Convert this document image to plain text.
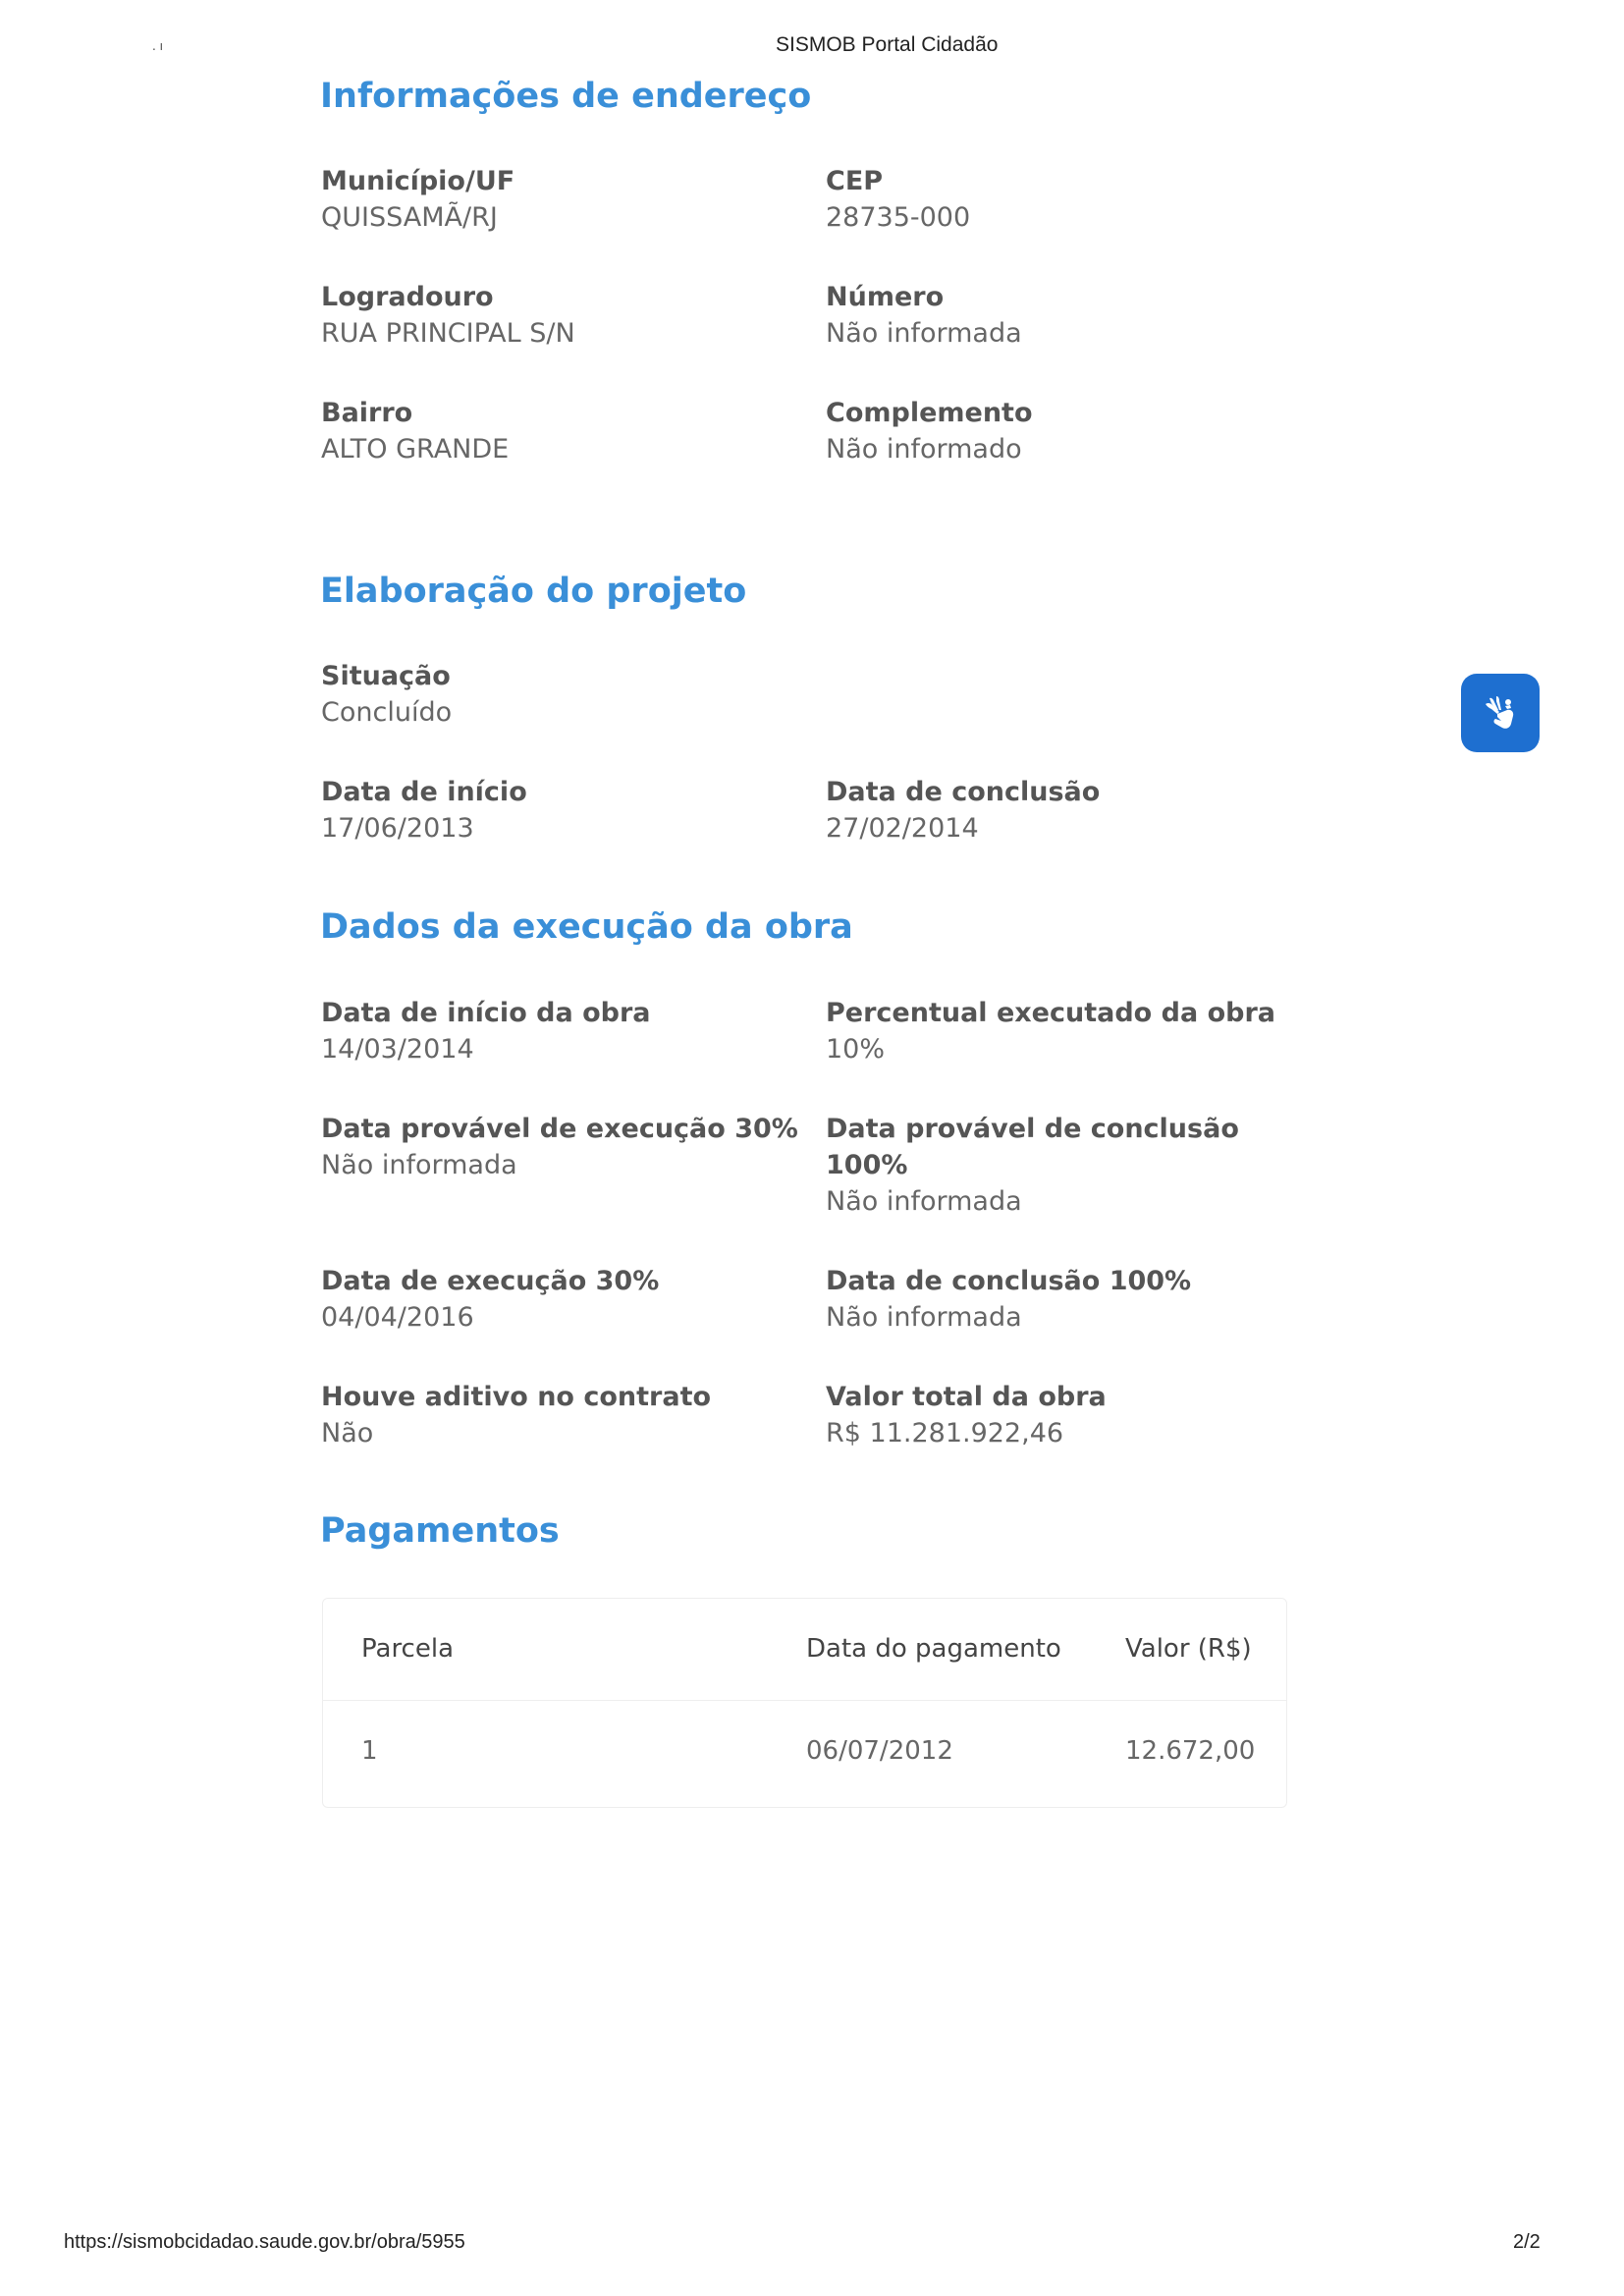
. ı	SISMOB Portal Cidadão
Informações de endereço
Município/UF
QUISSAMÃ/RJ
CEP
28735-000
Logradouro
RUA PRINCIPAL S/N
Número
Não informada
Bairro
ALTO GRANDE
Complemento
Não informado
Elaboração do projeto
Situação
Concluído
Data de início
17/06/2013
Data de conclusão
27/02/2014
Dados da execução da obra
Data de início da obra
14/03/2014
Percentual executado da obra
10%
Data provável de execução 30%
Não informada
Data provável de conclusão
100%
Não informada
Data de execução 30%
04/04/2016
Data de conclusão 100%
Não informada
Houve aditivo no contrato
Não
Valor total da obra
R$ 11.281.922,46
Pagamentos
Parcela	Data do pagamento	Valor (R$)
1	06/07/2012	12.672,00
https://sismobcidadao.saude.gov.br/obra/5955	2/2
